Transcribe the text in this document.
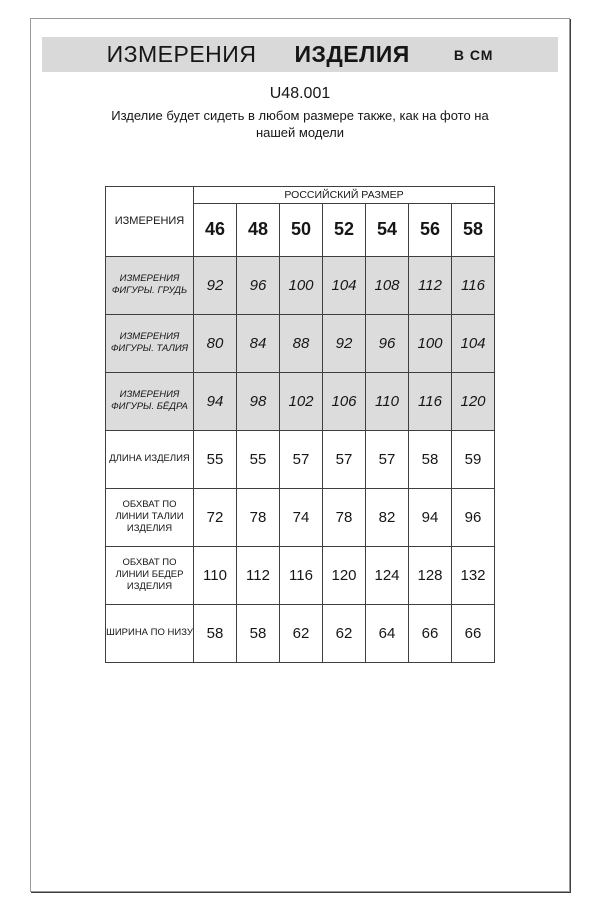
ИЗМЕРЕНИЯ ИЗДЕЛИЯ	В СМ
U48.001
Изделие будет сидеть в любом размере также, как на фото на нашей модели
ИЗМЕРЕНИЯ	РОССИЙСКИЙ РАЗМЕР						
	46	48	50	52	54	56	58
ИЗМЕРЕНИЯ ФИГУРЫ. ГРУДЬ	92	96	100	104	108	112	116
ИЗМЕРЕНИЯ ФИГУРЫ. ТАЛИЯ	80	84	88	92	96	100	104
ИЗМЕРЕНИЯ ФИГУРЫ. БЁДРА	94	98	102	106	110	116	120
ДЛИНА ИЗДЕЛИЯ	55	55	57	57	57	58	59
ОБХВАТ ПО ЛИНИИ ТАЛИИ ИЗДЕЛИЯ	72	78	74	78	82	94	96
ОБХВАТ ПО ЛИНИИ БЕДЕР ИЗДЕЛИЯ	110	112	116	120	124	128	132
ШИРИНА ПО НИЗУ	58	58	62	62	64	66	66
